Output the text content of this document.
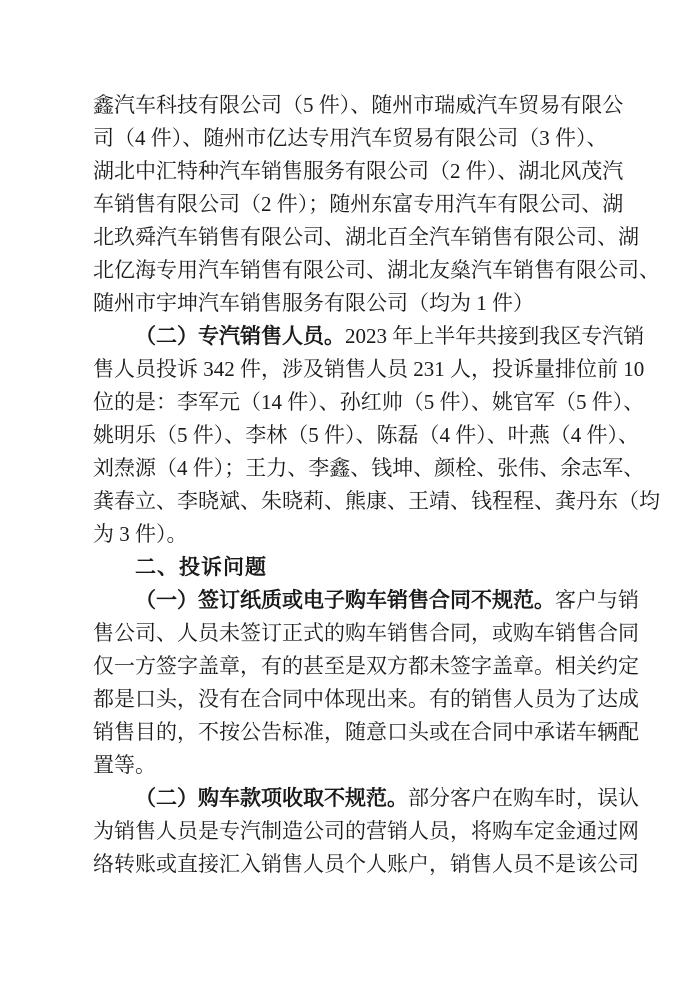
鑫汽车科技有限公司（5 件）、随州市瑞威汽车贸易有限公
司（4 件）、随州市亿达专用汽车贸易有限公司（3 件）、
湖北中汇特种汽车销售服务有限公司（2 件）、湖北风茂汽
车销售有限公司（2 件）；随州东富专用汽车有限公司、湖
北玖舜汽车销售有限公司、湖北百全汽车销售有限公司、湖
北亿海专用汽车销售有限公司、湖北友燊汽车销售有限公司、
随州市宇坤汽车销售服务有限公司（均为 1 件）
（二）专汽销售人员。2023 年上半年共接到我区专汽销
售人员投诉 342 件，涉及销售人员 231 人，投诉量排位前 10
位的是：李军元（14 件）、孙红帅（5 件）、姚官军（5 件）、
姚明乐（5 件）、李林（5 件）、陈磊（4 件）、叶燕（4 件）、
刘焘源（4 件）；王力、李鑫、钱坤、颜栓、张伟、余志军、
龚春立、李晓斌、朱晓莉、熊康、王靖、钱程程、龚丹东（均
为 3 件）。
二、投诉问题
（一）签订纸质或电子购车销售合同不规范。客户与销
售公司、人员未签订正式的购车销售合同，或购车销售合同
仅一方签字盖章，有的甚至是双方都未签字盖章。相关约定
都是口头，没有在合同中体现出来。有的销售人员为了达成
销售目的，不按公告标准，随意口头或在合同中承诺车辆配
置等。
（二）购车款项收取不规范。部分客户在购车时，误认
为销售人员是专汽制造公司的营销人员，将购车定金通过网
络转账或直接汇入销售人员个人账户，销售人员不是该公司
